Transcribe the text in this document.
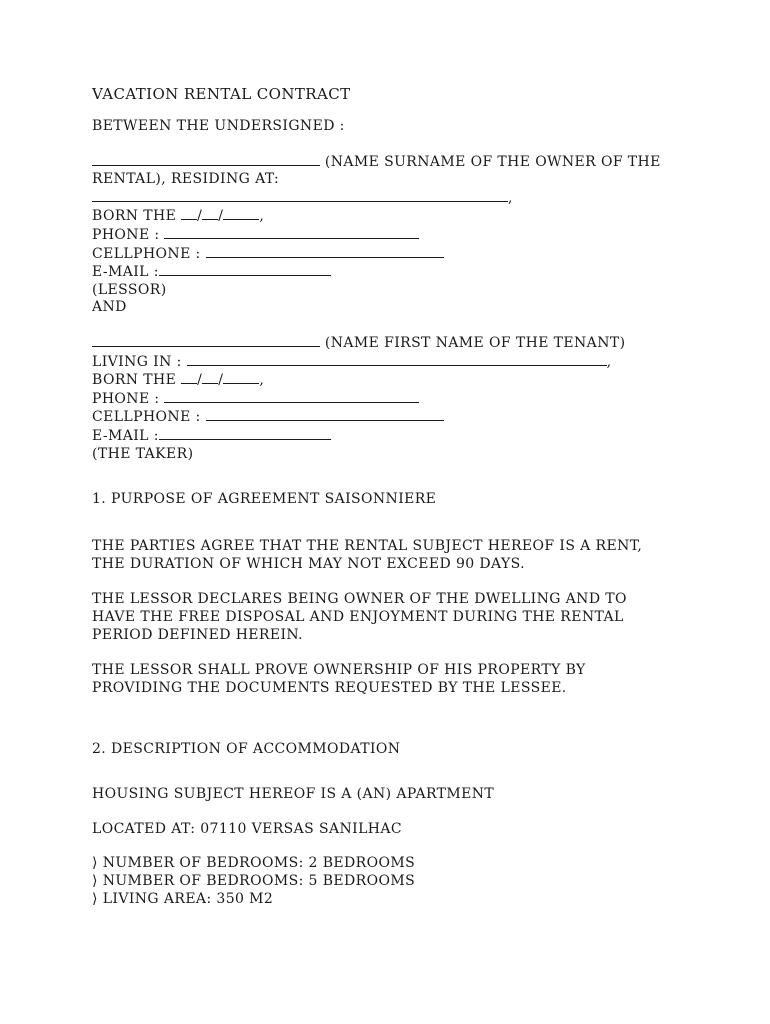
VACATION RENTAL CONTRACT
BETWEEN THE UNDERSIGNED :
(NAME SURNAME OF THE OWNER OF THE
RENTAL), RESIDING AT:
,
BORN THE / /	,
PHONE :
CELLPHONE :
E-MAIL :
(LESSOR)
AND
(NAME FIRST NAME OF THE TENANT)
LIVING IN :	,
BORN THE / /	,
PHONE :
CELLPHONE :
E-MAIL :
(THE TAKER)
1. PURPOSE OF AGREEMENT SAISONNIERE
THE PARTIES AGREE THAT THE RENTAL SUBJECT HEREOF IS A RENT,
THE DURATION OF WHICH MAY NOT EXCEED 90 DAYS.
THE LESSOR DECLARES BEING OWNER OF THE DWELLING AND TO
HAVE THE FREE DISPOSAL AND ENJOYMENT DURING THE RENTAL
PERIOD DEFINED HEREIN.
THE LESSOR SHALL PROVE OWNERSHIP OF HIS PROPERTY BY
PROVIDING THE DOCUMENTS REQUESTED BY THE LESSEE.
2. DESCRIPTION OF ACCOMMODATION
HOUSING SUBJECT HEREOF IS A (AN) APARTMENT
LOCATED AT: 07110 VERSAS SANILHAC
⟩ NUMBER OF BEDROOMS: 2 BEDROOMS
⟩ NUMBER OF BEDROOMS: 5 BEDROOMS
⟩ LIVING AREA: 350 M2
